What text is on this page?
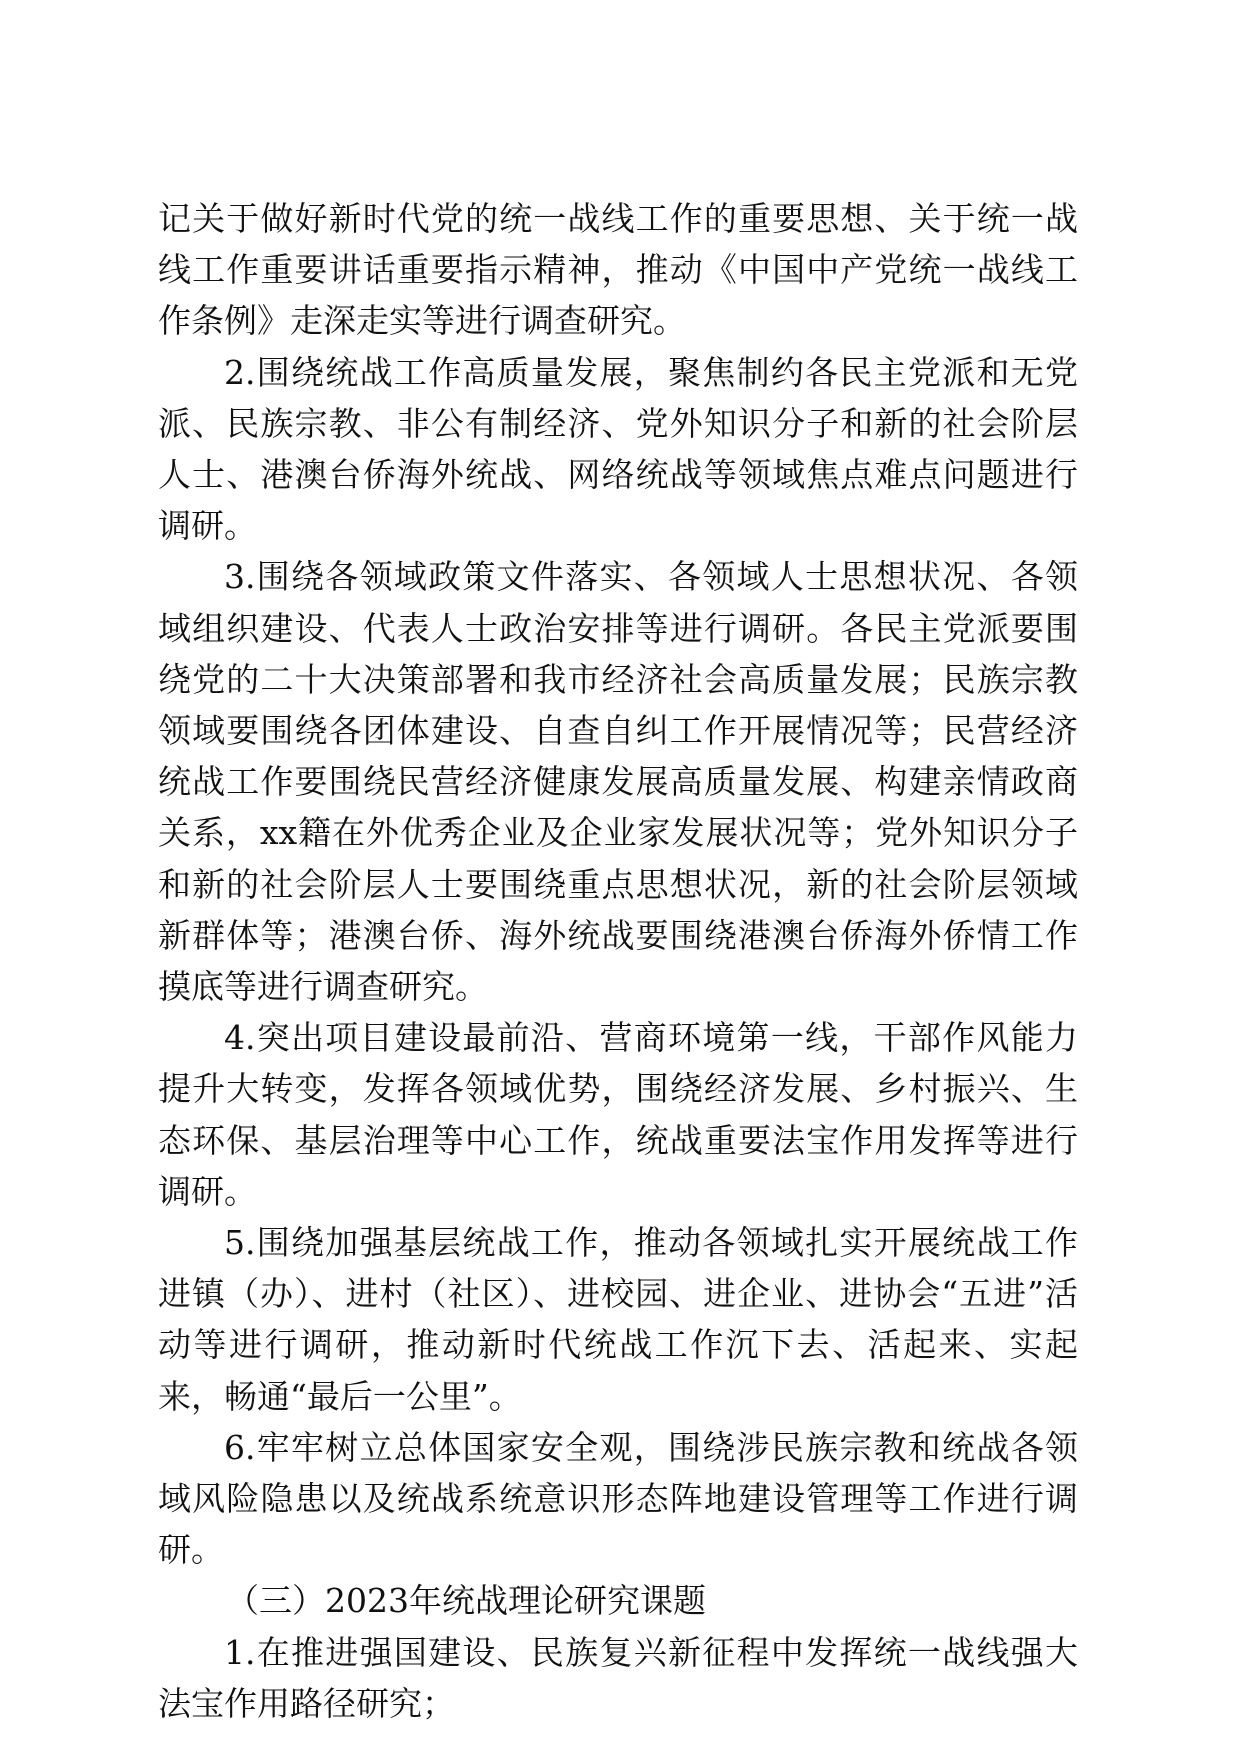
记关于做好新时代党的统一战线工作的重要思想、关于统一战线工作重要讲话重要指示精神，推动《中国中产党统一战线工作条例》走深走实等进行调查研究。

2.围绕统战工作高质量发展，聚焦制约各民主党派和无党派、民族宗教、非公有制经济、党外知识分子和新的社会阶层人士、港澳台侨海外统战、网络统战等领域焦点难点问题进行调研。

3.围绕各领域政策文件落实、各领域人士思想状况、各领域组织建设、代表人士政治安排等进行调研。各民主党派要围绕党的二十大决策部署和我市经济社会高质量发展；民族宗教领域要围绕各团体建设、自查自纠工作开展情况等；民营经济统战工作要围绕民营经济健康发展高质量发展、构建亲情政商关系，xx籍在外优秀企业及企业家发展状况等；党外知识分子和新的社会阶层人士要围绕重点思想状况，新的社会阶层领域新群体等；港澳台侨、海外统战要围绕港澳台侨海外侨情工作摸底等进行调查研究。

4.突出项目建设最前沿、营商环境第一线，干部作风能力提升大转变，发挥各领域优势，围绕经济发展、乡村振兴、生态环保、基层治理等中心工作，统战重要法宝作用发挥等进行调研。

5.围绕加强基层统战工作，推动各领域扎实开展统战工作进镇（办）、进村（社区）、进校园、进企业、进协会“五进”活动等进行调研，推动新时代统战工作沉下去、活起来、实起来，畅通“最后一公里”。

6.牢牢树立总体国家安全观，围绕涉民族宗教和统战各领域风险隐患以及统战系统意识形态阵地建设管理等工作进行调研。

（三）2023年统战理论研究课题

1.在推进强国建设、民族复兴新征程中发挥统一战线强大法宝作用路径研究；
